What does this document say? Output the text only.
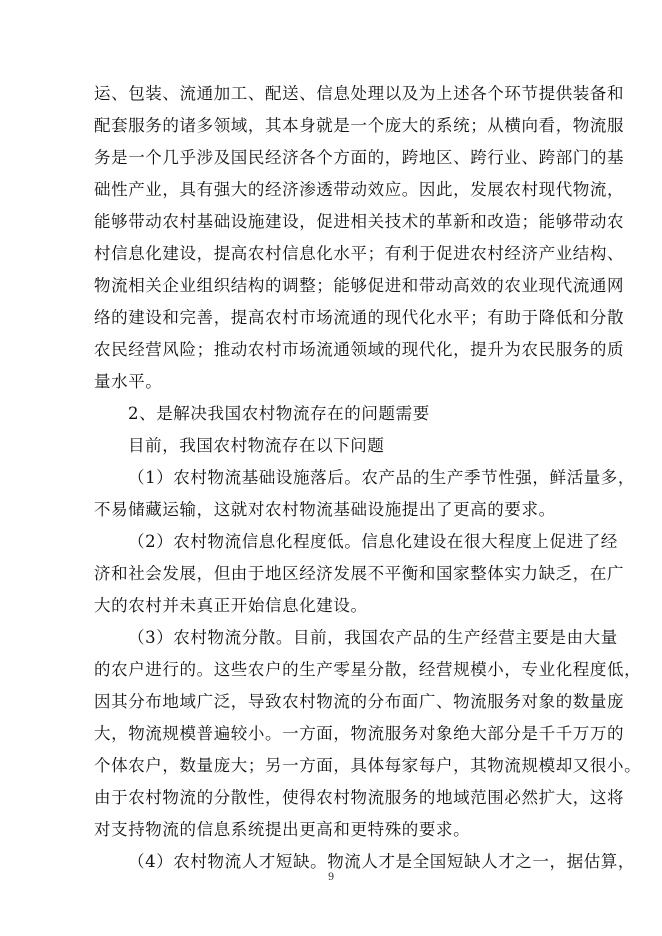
运、包装、流通加工、配送、信息处理以及为上述各个环节提供装备和
配套服务的诸多领域，其本身就是一个庞大的系统；从横向看，物流服
务是一个几乎涉及国民经济各个方面的，跨地区、跨行业、跨部门的基
础性产业，具有强大的经济渗透带动效应。因此，发展农村现代物流，
能够带动农村基础设施建设，促进相关技术的革新和改造；能够带动农
村信息化建设，提高农村信息化水平；有利于促进农村经济产业结构、
物流相关企业组织结构的调整；能够促进和带动高效的农业现代流通网
络的建设和完善，提高农村市场流通的现代化水平；有助于降低和分散
农民经营风险；推动农村市场流通领域的现代化，提升为农民服务的质
量水平。
2、是解决我国农村物流存在的问题需要
目前，我国农村物流存在以下问题
（1）农村物流基础设施落后。农产品的生产季节性强，鲜活量多，
不易储藏运输，这就对农村物流基础设施提出了更高的要求。
（2）农村物流信息化程度低。信息化建设在很大程度上促进了经
济和社会发展，但由于地区经济发展不平衡和国家整体实力缺乏，在广
大的农村并未真正开始信息化建设。
（3）农村物流分散。目前，我国农产品的生产经营主要是由大量
的农户进行的。这些农户的生产零星分散，经营规模小，专业化程度低，
因其分布地域广泛，导致农村物流的分布面广、物流服务对象的数量庞
大，物流规模普遍较小。一方面，物流服务对象绝大部分是千千万万的
个体农户，数量庞大；另一方面，具体每家每户，其物流规模却又很小。
由于农村物流的分散性，使得农村物流服务的地域范围必然扩大，这将
对支持物流的信息系统提出更高和更特殊的要求。
（4）农村物流人才短缺。物流人才是全国短缺人才之一，据估算，
9
